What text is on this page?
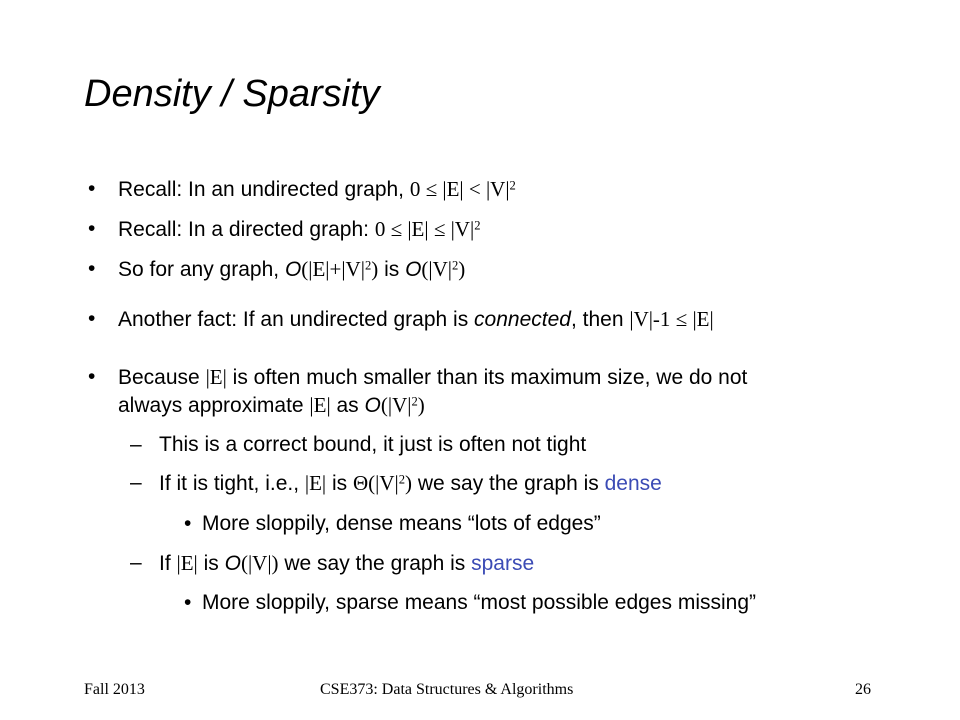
Density / Sparsity
• Recall: In an undirected graph, $0 \le |E| < |V|^2$
• Recall: In a directed graph: $0 \le |E| \le |V|^2$
• So for any graph, $O(|E|+|V|^2)$ is $O(|V|^2)$
• Another fact: If an undirected graph is connected, then |V|-1 ≤ |E|
• Because |E| is often much smaller than its maximum size, we do not
always approximate |E| as $O(|V|^2)$
– This is a correct bound, it just is often not tight
– If it is tight, i.e., |E| is $\Theta(|V|^2)$ we say the graph is dense
• More sloppily, dense means “lots of edges”
– If |E| is O(|V|) we say the graph is sparse
• More sloppily, sparse means “most possible edges missing”
Fall 2013	CSE373: Data Structures & Algorithms	26
